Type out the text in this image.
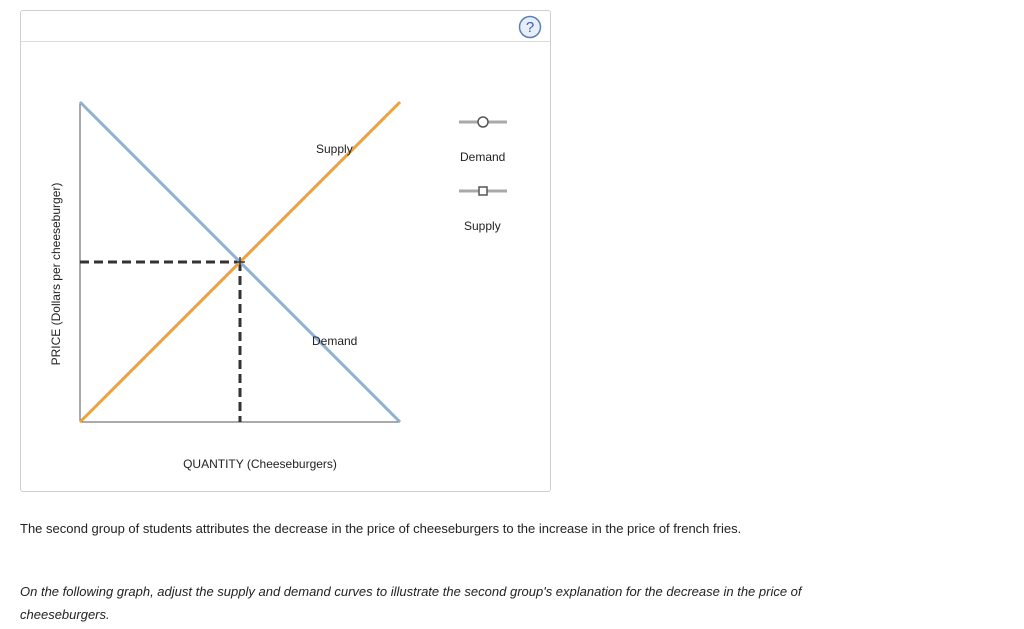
?
PRICE (Dollars per cheeseburger)
QUANTITY (Cheeseburgers)
Supply
Demand
Demand
Supply
The second group of students attributes the decrease in the price of cheeseburgers to the increase in the price of french fries.
On the following graph, adjust the supply and demand curves to illustrate the second group's explanation for the decrease in the price of cheeseburgers.
